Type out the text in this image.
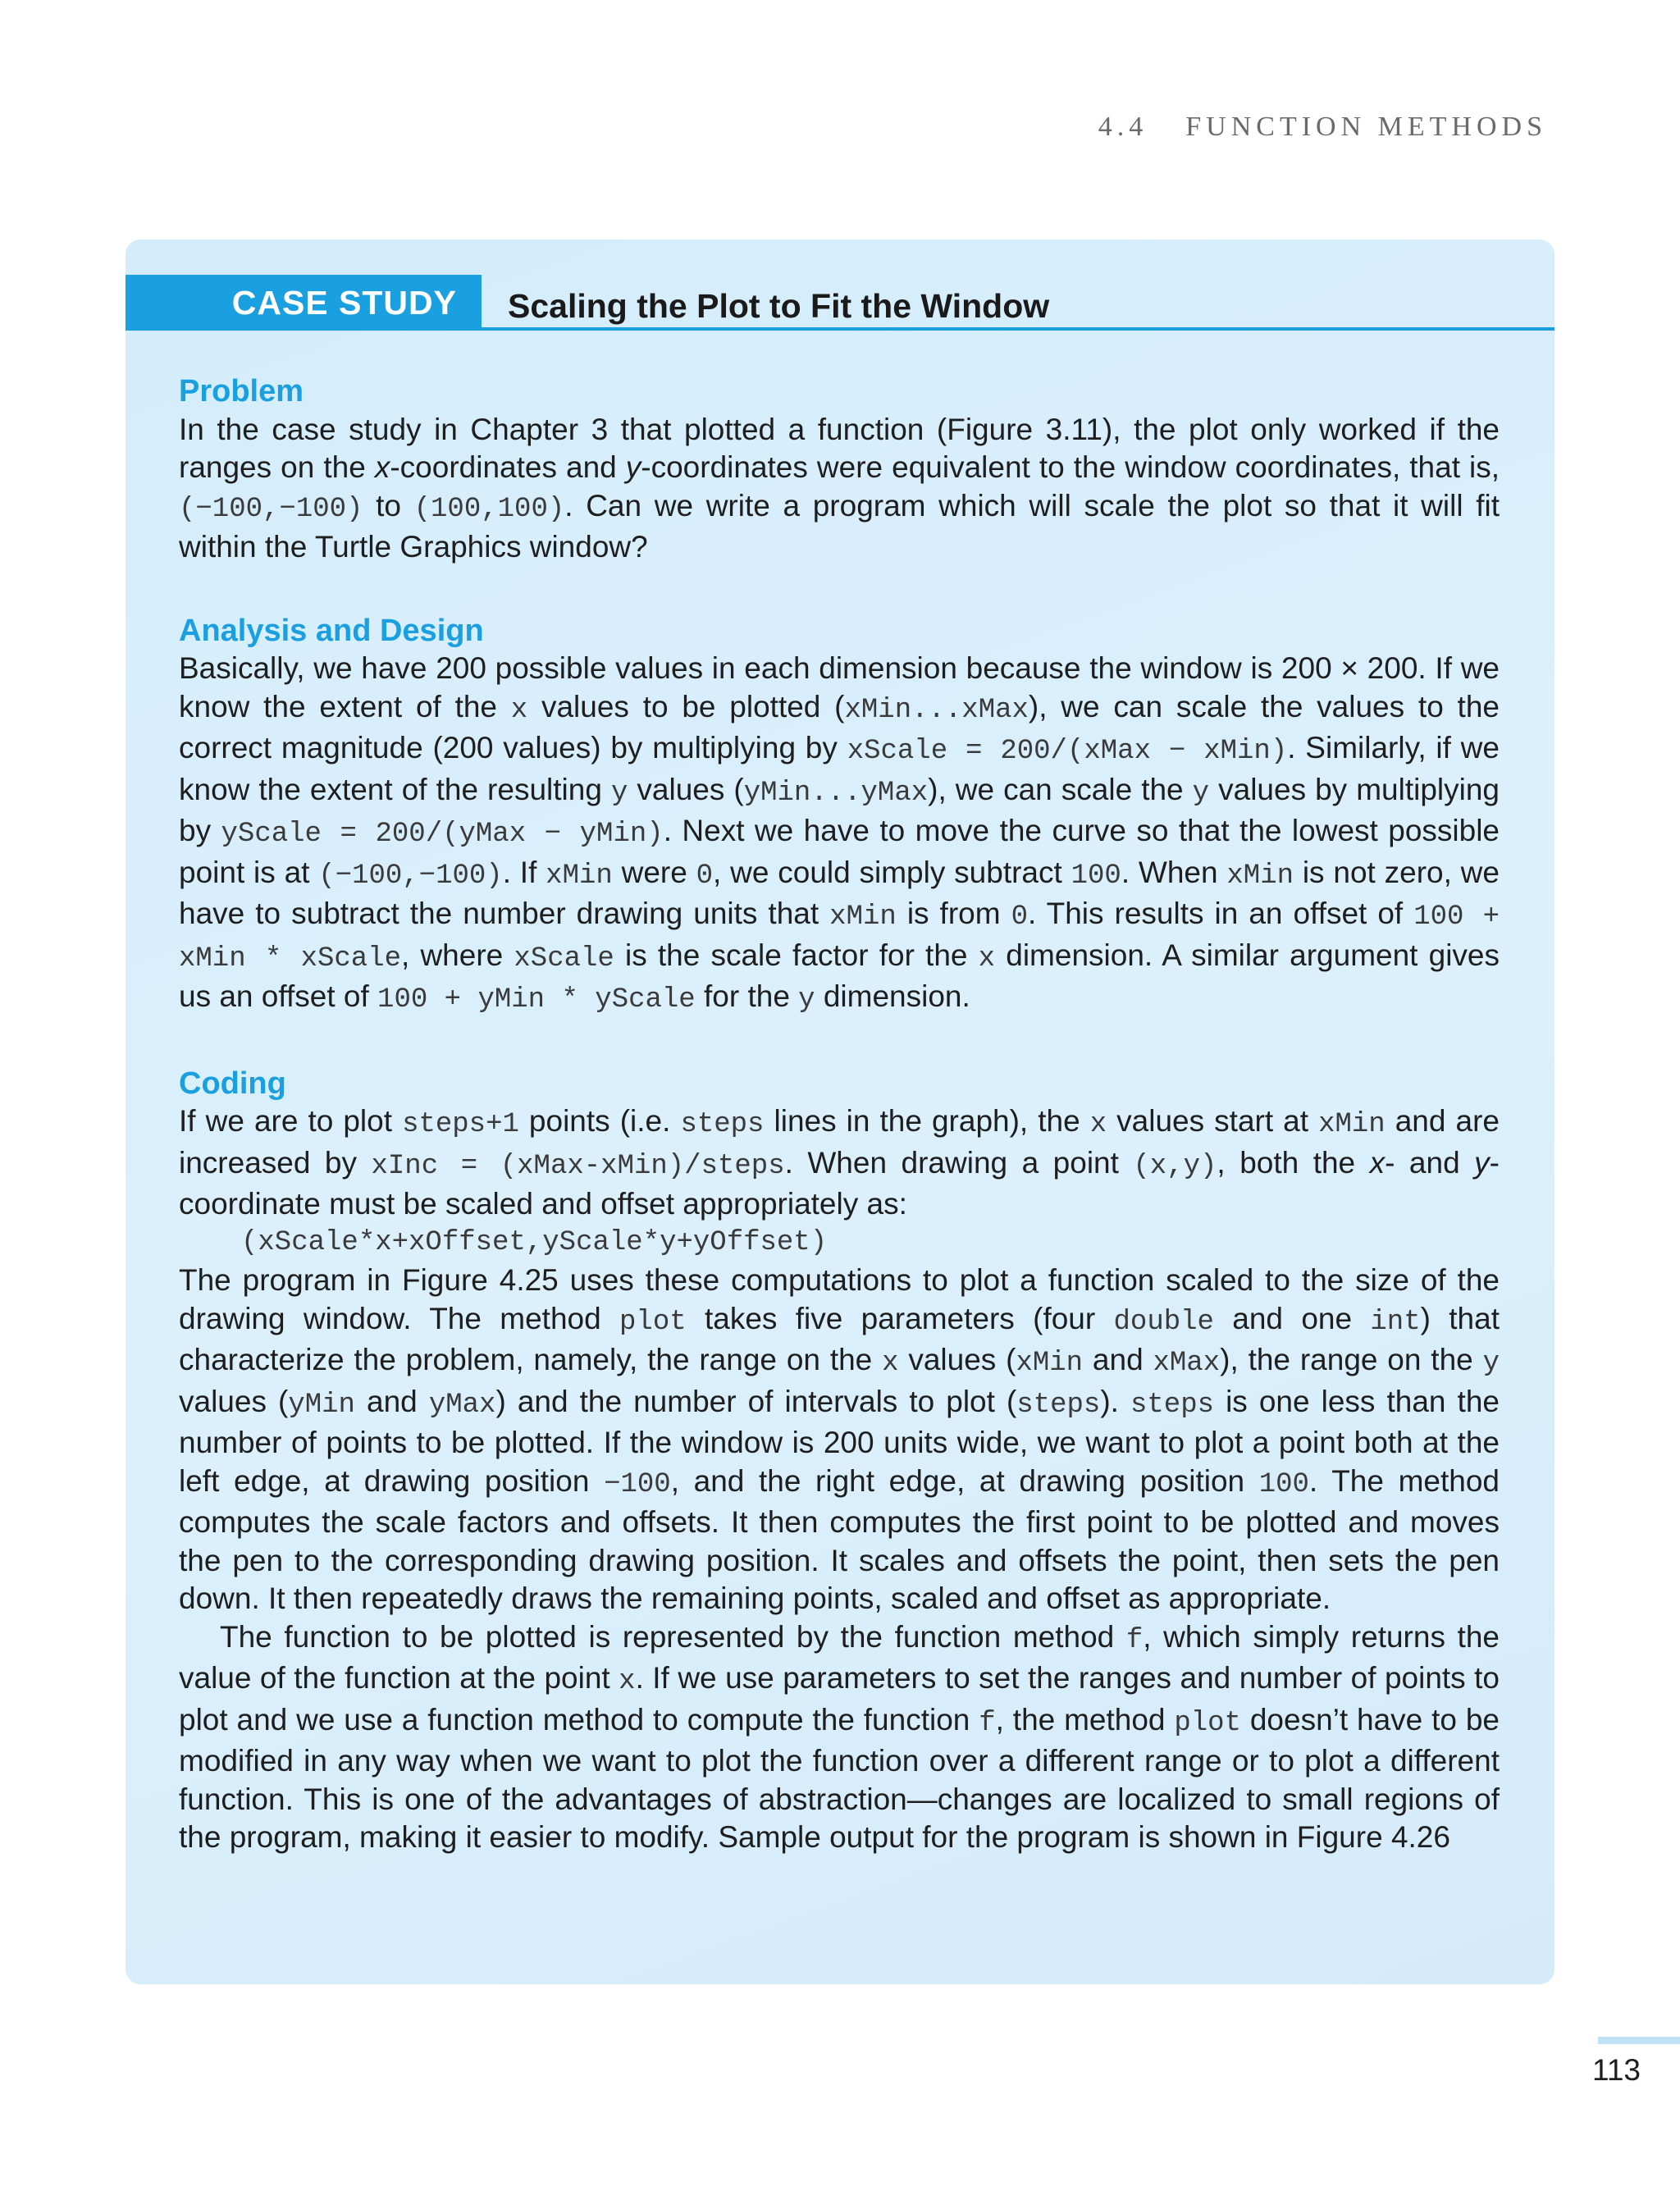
4.4 FUNCTION METHODS
CASE STUDY	Scaling the Plot to Fit the Window
Problem

In the case study in Chapter 3 that plotted a function (Figure 3.11), the plot only worked if the ranges on the x-coordinates and y-coordinates were equivalent to the window coordinates, that is, (−100,−100) to (100,100). Can we write a program which will scale the plot so that it will fit within the Turtle Graphics window?

Analysis and Design

Basically, we have 200 possible values in each dimension because the window is 200 × 200. If we know the extent of the x values to be plotted (xMin...xMax), we can scale the values to the correct magnitude (200 values) by multiplying by xScale = 200/(xMax − xMin). Similarly, if we know the extent of the resulting y values (yMin...yMax), we can scale the y values by multiplying by yScale = 200/(yMax − yMin). Next we have to move the curve so that the lowest possible point is at (−100,−100). If xMin were 0, we could simply subtract 100. When xMin is not zero, we have to subtract the number drawing units that xMin is from 0. This results in an offset of 100 + xMin * xScale, where xScale is the scale factor for the x dimension. A similar argument gives us an offset of 100 + yMin * yScale for the y dimension.

Coding

If we are to plot steps+1 points (i.e. steps lines in the graph), the x values start at xMin and are increased by xInc = (xMax-xMin)/steps. When drawing a point (x,y), both the x- and y-coordinate must be scaled and offset appropriately as:

(xScale*x+xOffset,yScale*y+yOffset)

The program in Figure 4.25 uses these computations to plot a function scaled to the size of the drawing window. The method plot takes five parameters (four double and one int) that characterize the problem, namely, the range on the x values (xMin and xMax), the range on the y values (yMin and yMax) and the number of intervals to plot (steps). steps is one less than the number of points to be plotted. If the window is 200 units wide, we want to plot a point both at the left edge, at drawing position −100, and the right edge, at drawing position 100. The method computes the scale factors and offsets. It then computes the first point to be plotted and moves the pen to the corresponding drawing position. It scales and offsets the point, then sets the pen down. It then repeatedly draws the remaining points, scaled and offset as appropriate.

The function to be plotted is represented by the function method f, which simply returns the value of the function at the point x. If we use parameters to set the ranges and number of points to plot and we use a function method to compute the function f, the method plot doesn’t have to be modified in any way when we want to plot the function over a different range or to plot a different function. This is one of the advantages of abstraction—changes are localized to small regions of the program, making it easier to modify. Sample output for the program is shown in Figure 4.26

113
